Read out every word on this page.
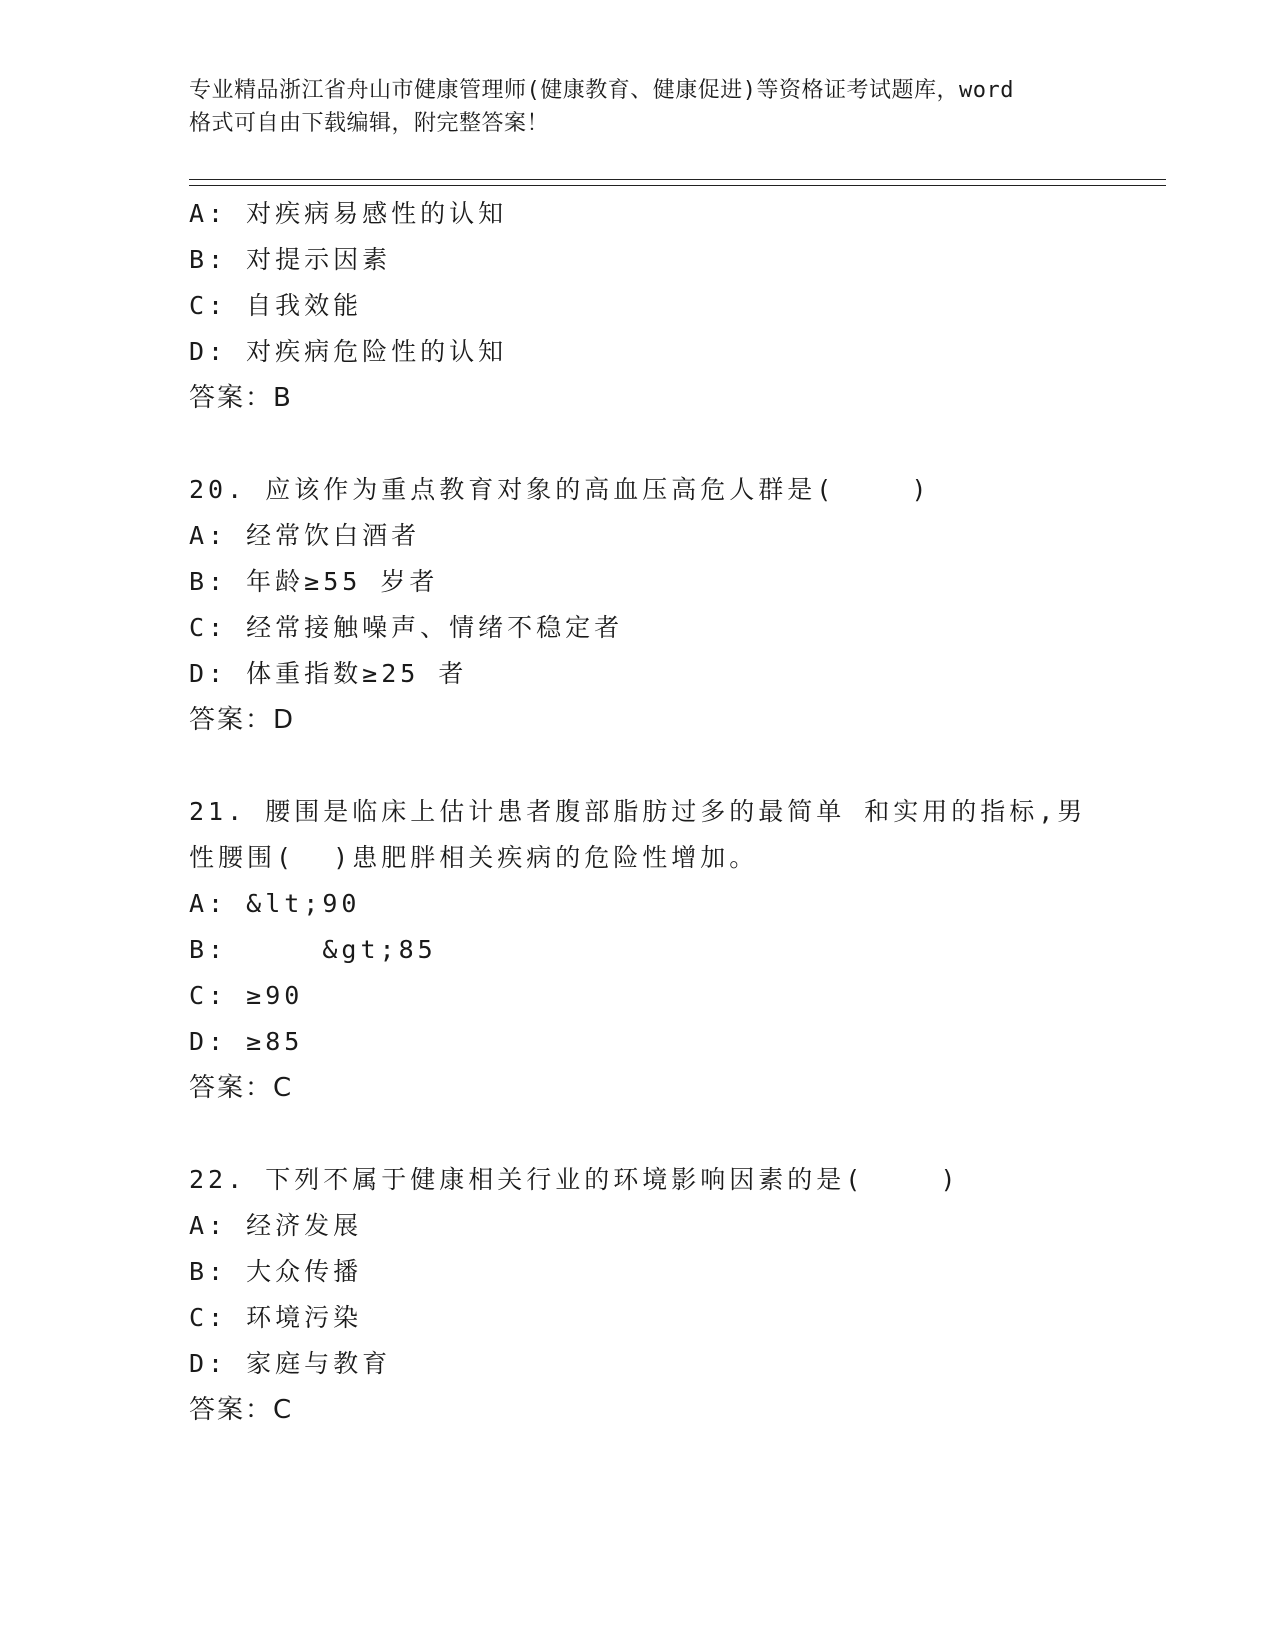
专业精品浙江省舟山市健康管理师(健康教育、健康促进)等资格证考试题库，word
格式可自由下载编辑，附完整答案！
A: 对疾病易感性的认知
B: 对提示因素
C: 自我效能
D: 对疾病危险性的认知
答案：B
20. 应该作为重点教育对象的高血压高危人群是(    )
A: 经常饮白酒者
B: 年龄≥55 岁者
C: 经常接触噪声、情绪不稳定者
D: 体重指数≥25 者
答案：D
21. 腰围是临床上估计患者腹部脂肪过多的最简单 和实用的指标,男
性腰围(  )患肥胖相关疾病的危险性增加。
A: &lt;90
B:     &gt;85
C: ≥90
D: ≥85
答案：C
22. 下列不属于健康相关行业的环境影响因素的是(    )
A: 经济发展
B: 大众传播
C: 环境污染
D: 家庭与教育
答案：C
